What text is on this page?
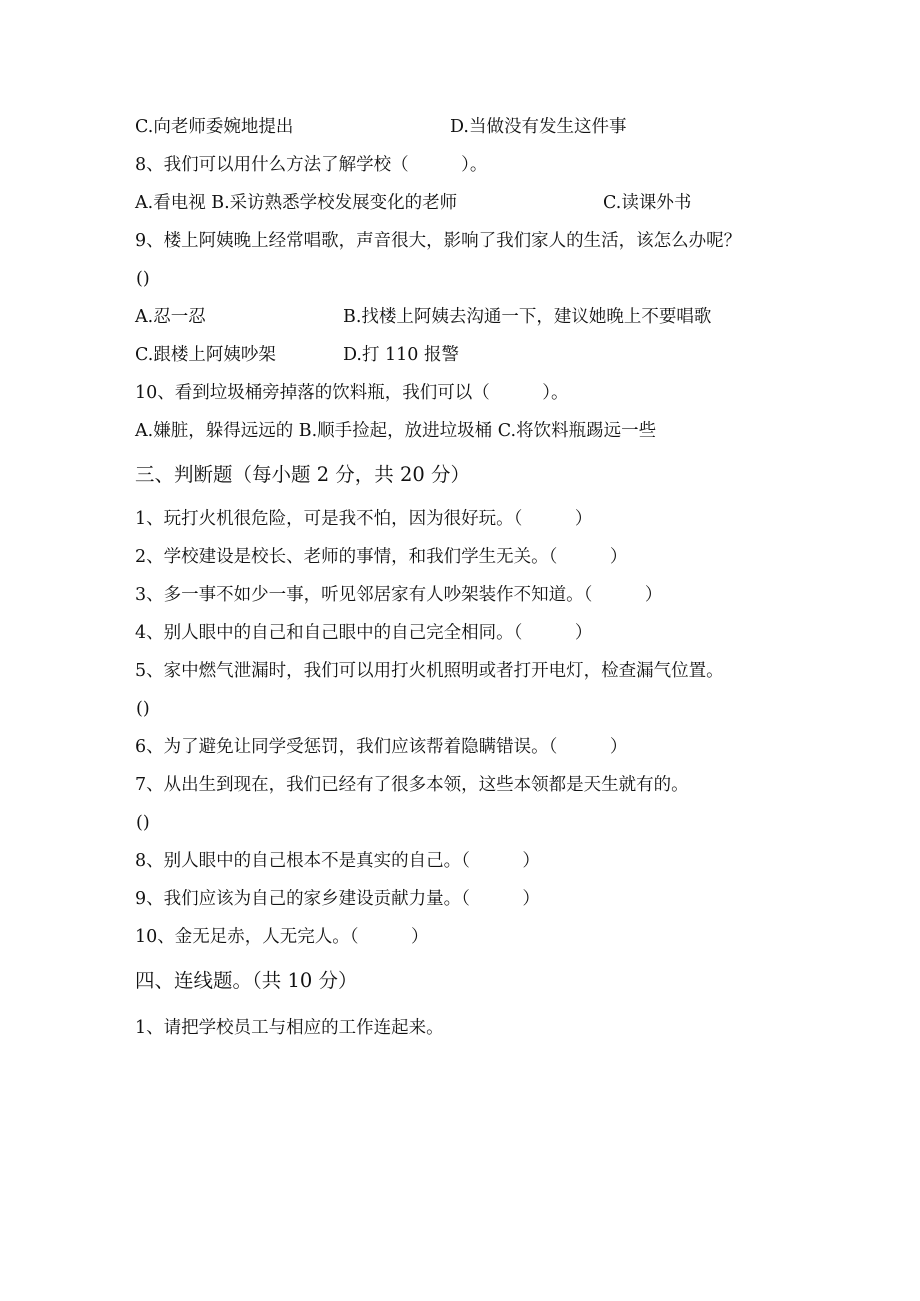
C.向老师委婉地提出	D.当做没有发生这件事
8、我们可以用什么方法了解学校（　　　）。
A.看电视 B.采访熟悉学校发展变化的老师	C.读课外书
9、楼上阿姨晚上经常唱歌，声音很大，影响了我们家人的生活，该怎么办呢？
()
A.忍一忍	B.找楼上阿姨去沟通一下，建议她晚上不要唱歌
C.跟楼上阿姨吵架	D.打 110 报警
10、看到垃圾桶旁掉落的饮料瓶，我们可以（　　　）。
A.嫌脏，躲得远远的 B.顺手捡起，放进垃圾桶 C.将饮料瓶踢远一些
三、判断题（每小题 2 分，共 20 分）
1、玩打火机很危险，可是我不怕，因为很好玩。（　　　）
2、学校建设是校长、老师的事情，和我们学生无关。（　　　）
3、多一事不如少一事，听见邻居家有人吵架装作不知道。（　　　）
4、别人眼中的自己和自己眼中的自己完全相同。（　　　）
5、家中燃气泄漏时，我们可以用打火机照明或者打开电灯，检查漏气位置。
()
6、为了避免让同学受惩罚，我们应该帮着隐瞒错误。（　　　）
7、从出生到现在，我们已经有了很多本领，这些本领都是天生就有的。
()
8、别人眼中的自己根本不是真实的自己。（　　　）
9、我们应该为自己的家乡建设贡献力量。（　　　）
10、金无足赤，人无完人。（　　　）
四、连线题。（共 10 分）
1、请把学校员工与相应的工作连起来。
